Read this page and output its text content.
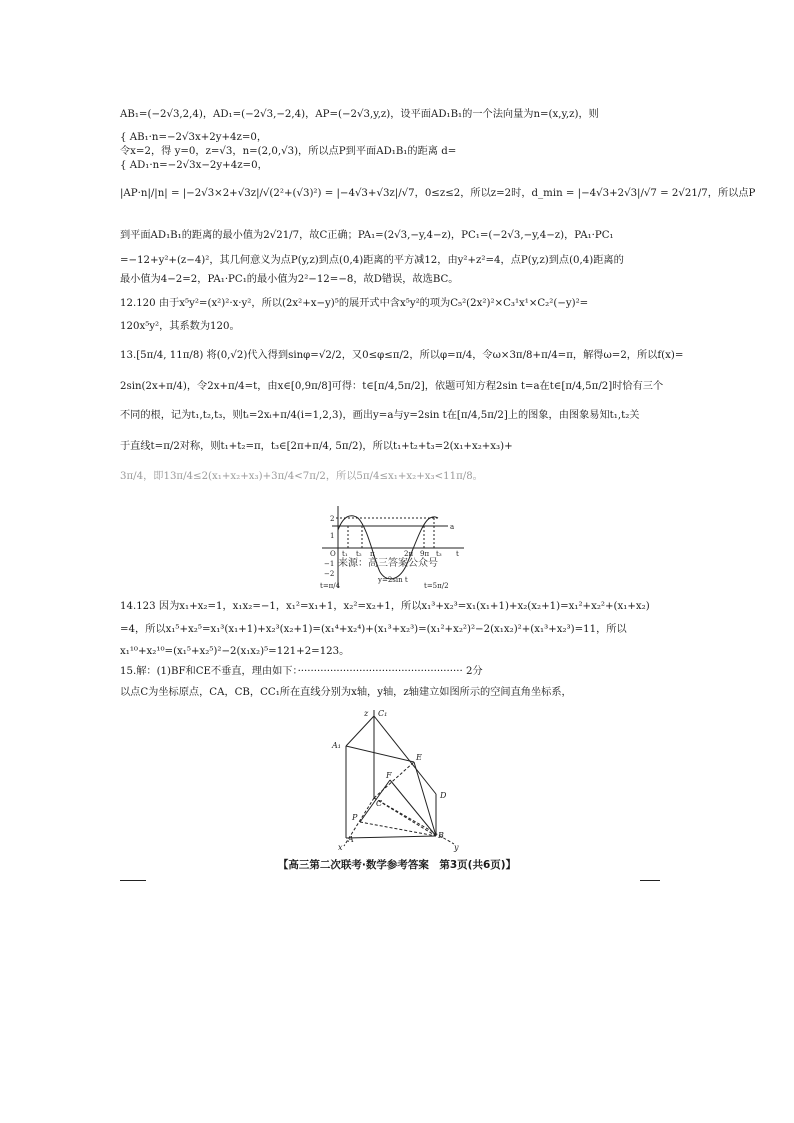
AB₁=(−2√3,2,4)，AD₁=(−2√3,−2,4)，AP=(−2√3,y,z)，设平面AD₁B₁的一个法向量为n=(x,y,z)，则
{ AB₁·n=−2√3x+2y+4z=0，
令x=2，得 y=0，z=√3，n=(2,0,√3)，所以点P到平面AD₁B₁的距离 d=
{ AD₁·n=−2√3x−2y+4z=0，
|AP·n|/|n| = |−2√3×2+√3z|/√(2²+(√3)²) = |−4√3+√3z|/√7，0≤z≤2，所以z=2时，d_min = |−4√3+2√3|/√7 = 2√21/7，所以点P
到平面AD₁B₁的距离的最小值为2√21/7，故C正确；PA₁=(2√3,−y,4−z)，PC₁=(−2√3,−y,4−z)，PA₁·PC₁
=−12+y²+(z−4)²，其几何意义为点P(y,z)到点(0,4)距离的平方减12，由y²+z²=4，点P(y,z)到点(0,4)距离的
最小值为4−2=2，PA₁·PC₁的最小值为2²−12=−8，故D错误，故选BC。
12.120 由于x⁵y²=(x²)²·x·y²，所以(2x²+x−y)⁵的展开式中含x⁵y²的项为C₅²(2x²)²×C₃¹x¹×C₂²(−y)²=
120x⁵y²，其系数为120。
13.[5π/4, 11π/8) 将(0,√2)代入得到sinφ=√2/2，又0≤φ≤π/2，所以φ=π/4，令ω×3π/8+π/4=π，解得ω=2，所以f(x)=
2sin(2x+π/4)，令2x+π/4=t，由x∈[0,9π/8]可得：t∈[π/4,5π/2]，依题可知方程2sin t=a在t∈[π/4,5π/2]时恰有三个
不同的根，记为t₁,t₂,t₃，则tᵢ=2xᵢ+π/4(i=1,2,3)，画出y=a与y=2sin t在[π/4,5π/2]上的图象，由图象易知t₁,t₂关
于直线t=π/2对称，则t₁+t₂=π，t₃∈[2π+π/4, 5π/2)，所以t₁+t₂+t₃=2(x₁+x₂+x₃)+
3π/4，即13π/4≤2(x₁+x₂+x₃)+3π/4<7π/2，所以5π/4≤x₁+x₂+x₃<11π/8。
2
1
O
−1
−2
t₁ t₂ π	2π 9π t₃ t
a
y=2sin t
t=π/4	t=5π/2
来源：高三答案公众号
14.123 因为x₁+x₂=1，x₁x₂=−1，x₁²=x₁+1，x₂²=x₂+1，所以x₁³+x₂³=x₁(x₁+1)+x₂(x₂+1)=x₁²+x₂²+(x₁+x₂)
=4，所以x₁⁵+x₂⁵=x₁³(x₁+1)+x₂³(x₂+1)=(x₁⁴+x₂⁴)+(x₁³+x₂³)=(x₁²+x₂²)²−2(x₁x₂)²+(x₁³+x₂³)=11，所以
x₁¹⁰+x₂¹⁰=(x₁⁵+x₂⁵)²−2(x₁x₂)⁵=121+2=123。
15.解：(1)BF和CE不垂直，理由如下：··················································· 2分
以点C为坐标原点，CA，CB，CC₁所在直线分别为x轴，y轴，z轴建立如图所示的空间直角坐标系，
z C₁
A₁
E
F
C
D
P
B
A
x	y
【高三第二次联考·数学参考答案　第3页(共6页)】
